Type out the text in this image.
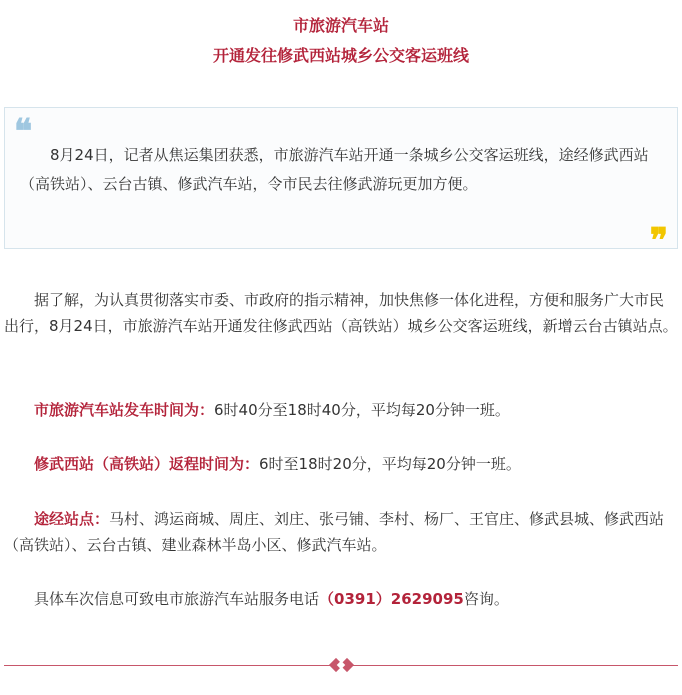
市旅游汽车站
开通发往修武西站城乡公交客运班线
❝

8月24日，记者从焦运集团获悉，市旅游汽车站开通一条城乡公交客运班线，途经修武西站（高铁站）、云台古镇、修武汽车站，令市民去往修武游玩更加方便。

❞

据了解，为认真贯彻落实市委、市政府的指示精神，加快焦修一体化进程，方便和服务广大市民出行，8月24日，市旅游汽车站开通发往修武西站（高铁站）城乡公交客运班线，新增云台古镇站点。

市旅游汽车站发车时间为：6时40分至18时40分，平均每20分钟一班。

修武西站（高铁站）返程时间为：6时至18时20分，平均每20分钟一班。

途经站点：马村、鸿运商城、周庄、刘庄、张弓铺、李村、杨厂、王官庄、修武县城、修武西站（高铁站）、云台古镇、建业森林半岛小区、修武汽车站。

具体车次信息可致电市旅游汽车站服务电话（0391）2629095咨询。
